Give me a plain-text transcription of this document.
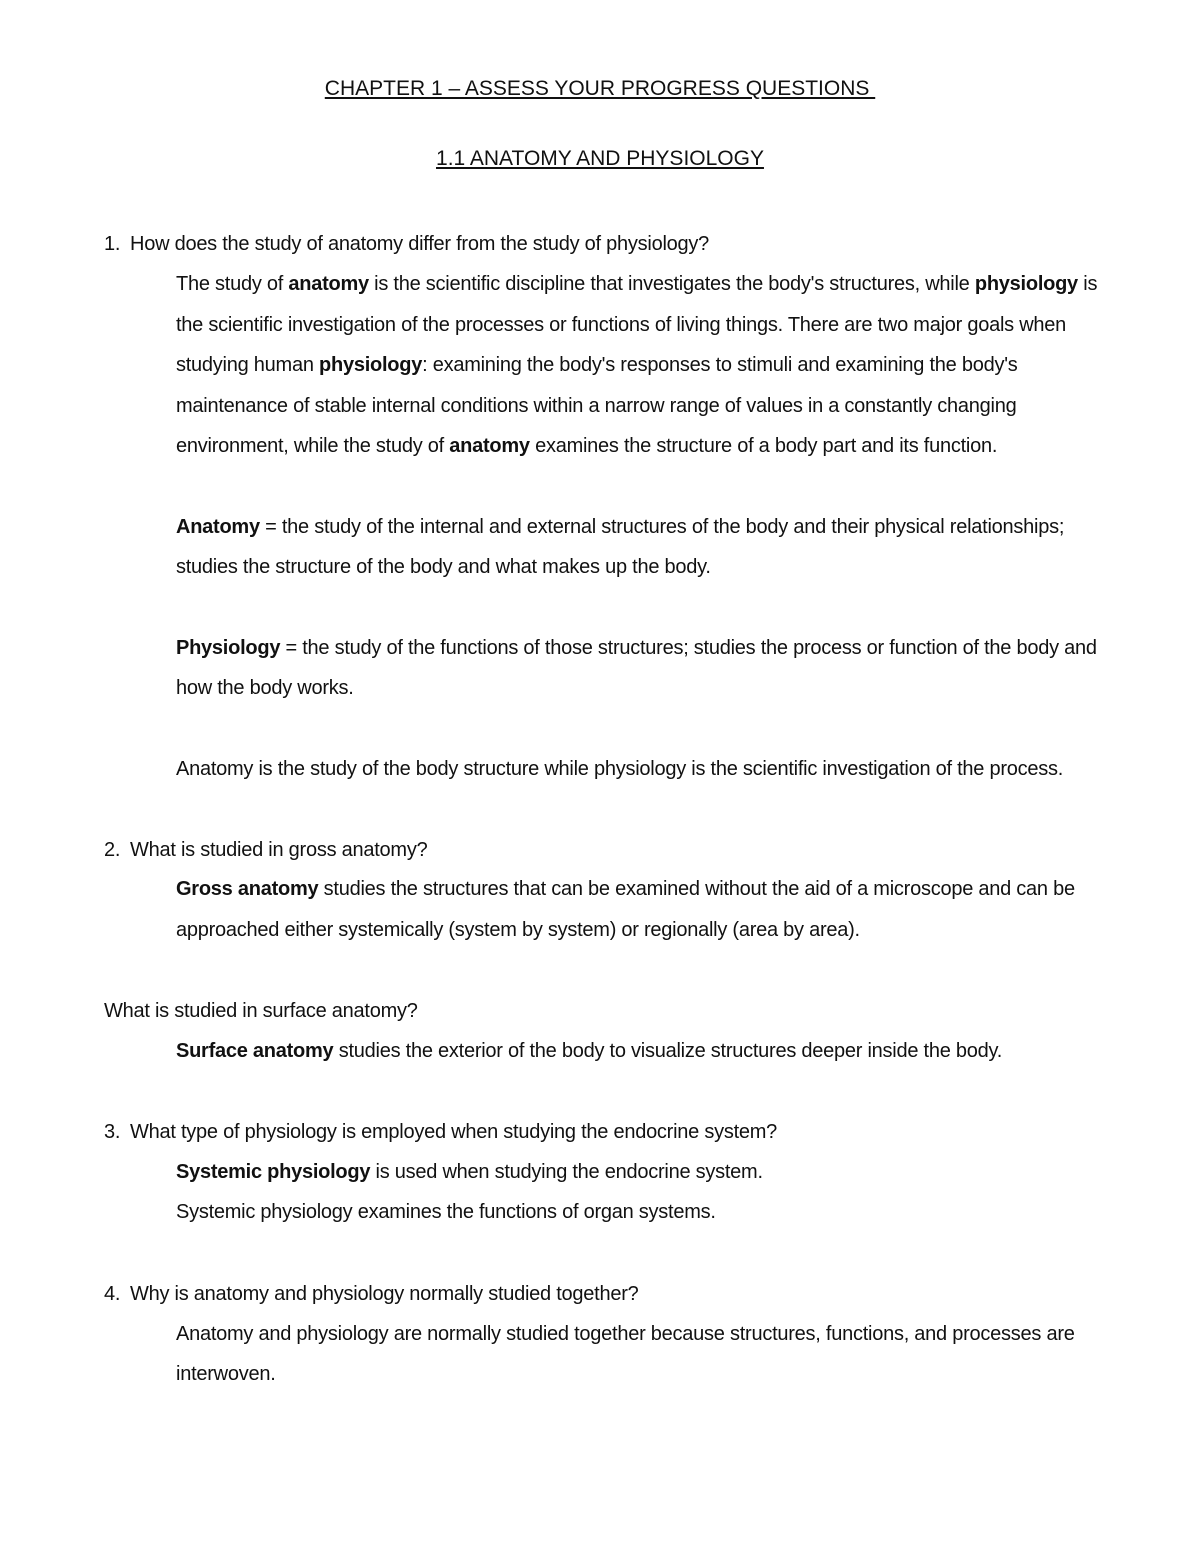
CHAPTER 1 – ASSESS YOUR PROGRESS QUESTIONS
1.1 ANATOMY AND PHYSIOLOGY
1. How does the study of anatomy differ from the study of physiology?
The study of anatomy is the scientific discipline that investigates the body's structures, while physiology is
the scientific investigation of the processes or functions of living things. There are two major goals when
studying human physiology: examining the body's responses to stimuli and examining the body's
maintenance of stable internal conditions within a narrow range of values in a constantly changing
environment, while the study of anatomy examines the structure of a body part and its function.
Anatomy = the study of the internal and external structures of the body and their physical relationships;
studies the structure of the body and what makes up the body.
Physiology = the study of the functions of those structures; studies the process or function of the body and
how the body works.
Anatomy is the study of the body structure while physiology is the scientific investigation of the process.
2. What is studied in gross anatomy?
Gross anatomy studies the structures that can be examined without the aid of a microscope and can be
approached either systemically (system by system) or regionally (area by area).
What is studied in surface anatomy?
Surface anatomy studies the exterior of the body to visualize structures deeper inside the body.
3. What type of physiology is employed when studying the endocrine system?
Systemic physiology is used when studying the endocrine system.
Systemic physiology examines the functions of organ systems.
4. Why is anatomy and physiology normally studied together?
Anatomy and physiology are normally studied together because structures, functions, and processes are
interwoven.
